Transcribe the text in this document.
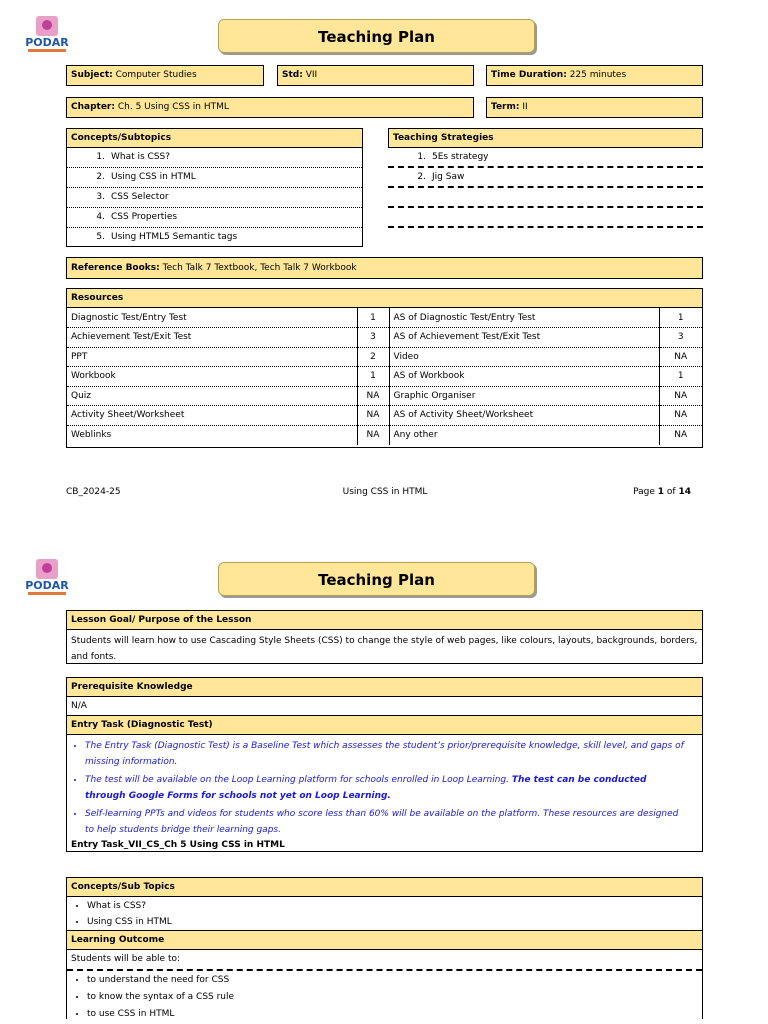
PODAR	Teaching Plan
Subject: Computer Studies	Std: VII	Time Duration: 225 minutes
Chapter: Ch. 5 Using CSS in HTML	Term: II
Concepts/Subtopics
1. What is CSS?
2. Using CSS in HTML
3. CSS Selector
4. CSS Properties
5. Using HTML5 Semantic tags
Teaching Strategies
1. 5Es strategy
2. Jig Saw
Reference Books: Tech Talk 7 Textbook, Tech Talk 7 Workbook
Resources
Diagnostic Test/Entry Test	1	AS of Diagnostic Test/Entry Test	1
Achievement Test/Exit Test	3	AS of Achievement Test/Exit Test	3
PPT	2	Video	NA
Workbook	1	AS of Workbook	1
Quiz	NA	Graphic Organiser	NA
Activity Sheet/Worksheet	NA	AS of Activity Sheet/Worksheet	NA
Weblinks	NA	Any other	NA
CB_2024-25	Using CSS in HTML	Page 1 of 14
PODAR	Teaching Plan
Lesson Goal/ Purpose of the Lesson
Students will learn how to use Cascading Style Sheets (CSS) to change the style of web pages, like colours, layouts, backgrounds, borders, and fonts.
Prerequisite Knowledge
N/A
Entry Task (Diagnostic Test)
• The Entry Task (Diagnostic Test) is a Baseline Test which assesses the student’s prior/prerequisite knowledge, skill level, and gaps of missing information.
• The test will be available on the Loop Learning platform for schools enrolled in Loop Learning. The test can be conducted through Google Forms for schools not yet on Loop Learning.
• Self-learning PPTs and videos for students who score less than 60% will be available on the platform. These resources are designed to help students bridge their learning gaps.
Entry Task_VII_CS_Ch 5 Using CSS in HTML
Concepts/Sub Topics
• What is CSS?
• Using CSS in HTML
Learning Outcome
Students will be able to:
• to understand the need for CSS
• to know the syntax of a CSS rule
• to use CSS in HTML
